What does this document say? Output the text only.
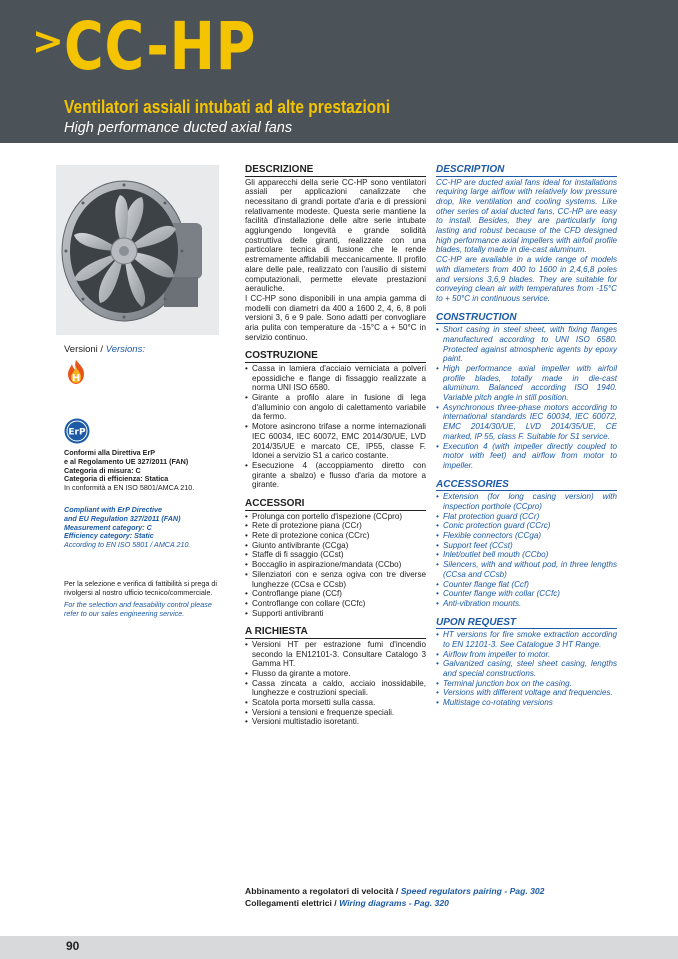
> CC-HP
Ventilatori assiali intubati ad alte prestazioni
High performance ducted axial fans
Versioni / Versions:
H
ErP
Conformi alla Direttiva ErP
e al Regolamento UE 327/2011 (FAN)
Categoria di misura: C
Categoria di efficienza: Statica
In conformità a EN ISO 5801/AMCA 210.
Compliant with ErP Directive
and EU Regulation 327/2011 (FAN)
Measurement category: C
Efficiency category: Static
According to EN ISO 5801 / AMCA 210.
Per la selezione e verifica di fattibilità si prega di rivolgersi al nostro ufficio tecnico/commerciale.
For the selection and feasability control please refer to our sales engineering service.
DESCRIZIONE
Gli apparecchi della serie CC-HP sono ventilatori assiali per applicazioni canalizzate che necessitano di grandi portate d'aria e di pressioni relativamente modeste. Questa serie mantiene la facilità d'installazione delle altre serie intubate aggiungendo longevità e grande solidità costruttiva delle giranti, realizzate con una particolare tecnica di fusione che le rende estremamente affidabili meccanicamente. Il profilo alare delle pale, realizzato con l'ausilio di sistemi computazionali, permette elevate prestazioni aerauliche.
I CC-HP sono disponibili in una ampia gamma di modelli con diametri da 400 a 1600 2, 4, 6, 8 poli versioni 3, 6 e 9 pale. Sono adatti per convogliare aria pulita con temperature da -15°C a + 50°C in servizio continuo.
COSTRUZIONE
• Cassa in lamiera d'acciaio verniciata a polveri epossidiche e flange di fissaggio realizzate a norma UNI ISO 6580.
• Girante a profilo alare in fusione di lega d'alluminio con angolo di calettamento variabile da fermo.
• Motore asincrono trifase a norme internazionali IEC 60034, IEC 60072, EMC 2014/30/UE, LVD 2014/35/UE e marcato CE, IP55, classe F. Idonei a servizio S1 a carico costante.
• Esecuzione 4 (accoppiamento diretto con girante a sbalzo) e flusso d'aria da motore a girante.
ACCESSORI
• Prolunga con portello d'ispezione (CCpro)
• Rete di protezione piana (CCr)
• Rete di protezione conica (CCrc)
• Giunto antivibrante (CCga)
• Staffe di fi ssaggio (CCst)
• Boccaglio in aspirazione/mandata (CCbo)
• Silenziatori con e senza ogiva con tre diverse lunghezze (CCsa e CCsb)
• Controflange piane (CCf)
• Controflange con collare (CCfc)
• Supporti antivibranti
A RICHIESTA
• Versioni HT per estrazione fumi d'incendio secondo la EN12101-3. Consultare Catalogo 3 Gamma HT.
• Flusso da girante a motore.
• Cassa zincata a caldo, acciaio inossidabile, lunghezze e costruzioni speciali.
• Scatola porta morsetti sulla cassa.
• Versioni a tensioni e frequenze speciali.
• Versioni multistadio isoretanti.
DESCRIPTION
CC-HP are ducted axial fans ideal for installations requiring large airflow with relatively low pressure drop, like ventilation and cooling systems. Like other series of axial ducted fans, CC-HP are easy to install. Besides, they are particularly long lasting and robust because of the CFD designed high performance axial impellers with airfoil profile blades, totally made in die-cast aluminum.
CC-HP are available in a wide range of models with diameters from 400 to 1600 in 2,4,6,8 poles and versions 3,6,9 blades. They are suitable for conveying clean air with temperatures from -15°C to + 50°C in continuous service.
CONSTRUCTION
• Short casing in steel sheet, with fixing flanges manufactured according to UNI ISO 6580. Protected against atmospheric agents by epoxy paint.
• High performance axial impeller with airfoil profile blades, totally made in die-cast aluminum. Balanced according ISO 1940. Variable pitch angle in still position.
• Asynchronous three-phase motors according to international standards IEC 60034, IEC 60072, EMC 2014/30/UE, LVD 2014/35/UE, CE marked, IP 55, class F. Suitable for S1 service.
• Execution 4 (with impeller directly coupled to motor with feet) and airflow from motor to impeller.
ACCESSORIES
• Extension (for long casing version) with inspection porthole (CCpro)
• Flat protection guard (CCr)
• Conic protection guard (CCrc)
• Flexible connectors (CCga)
• Support feet (CCst)
• Inlet/outlet bell mouth (CCbo)
• Silencers, with and without pod, in three lengths (CCsa and CCsb)
• Counter flange flat (Ccf)
• Counter flange with collar (CCfc)
• Anti-vibration mounts.
UPON REQUEST
• HT versions for fire smoke extraction according to EN 12101-3. See Catalogue 3 HT Range.
• Airflow from impeller to motor.
• Galvanized casing, steel sheet casing, lengths and special constructions.
• Terminal junction box on the casing.
• Versions with different voltage and frequencies.
• Multistage co-rotating versions
Abbinamento a regolatori di velocità / Speed regulators pairing - Pag. 302
Collegamenti elettrici / Wiring diagrams - Pag. 320
90
